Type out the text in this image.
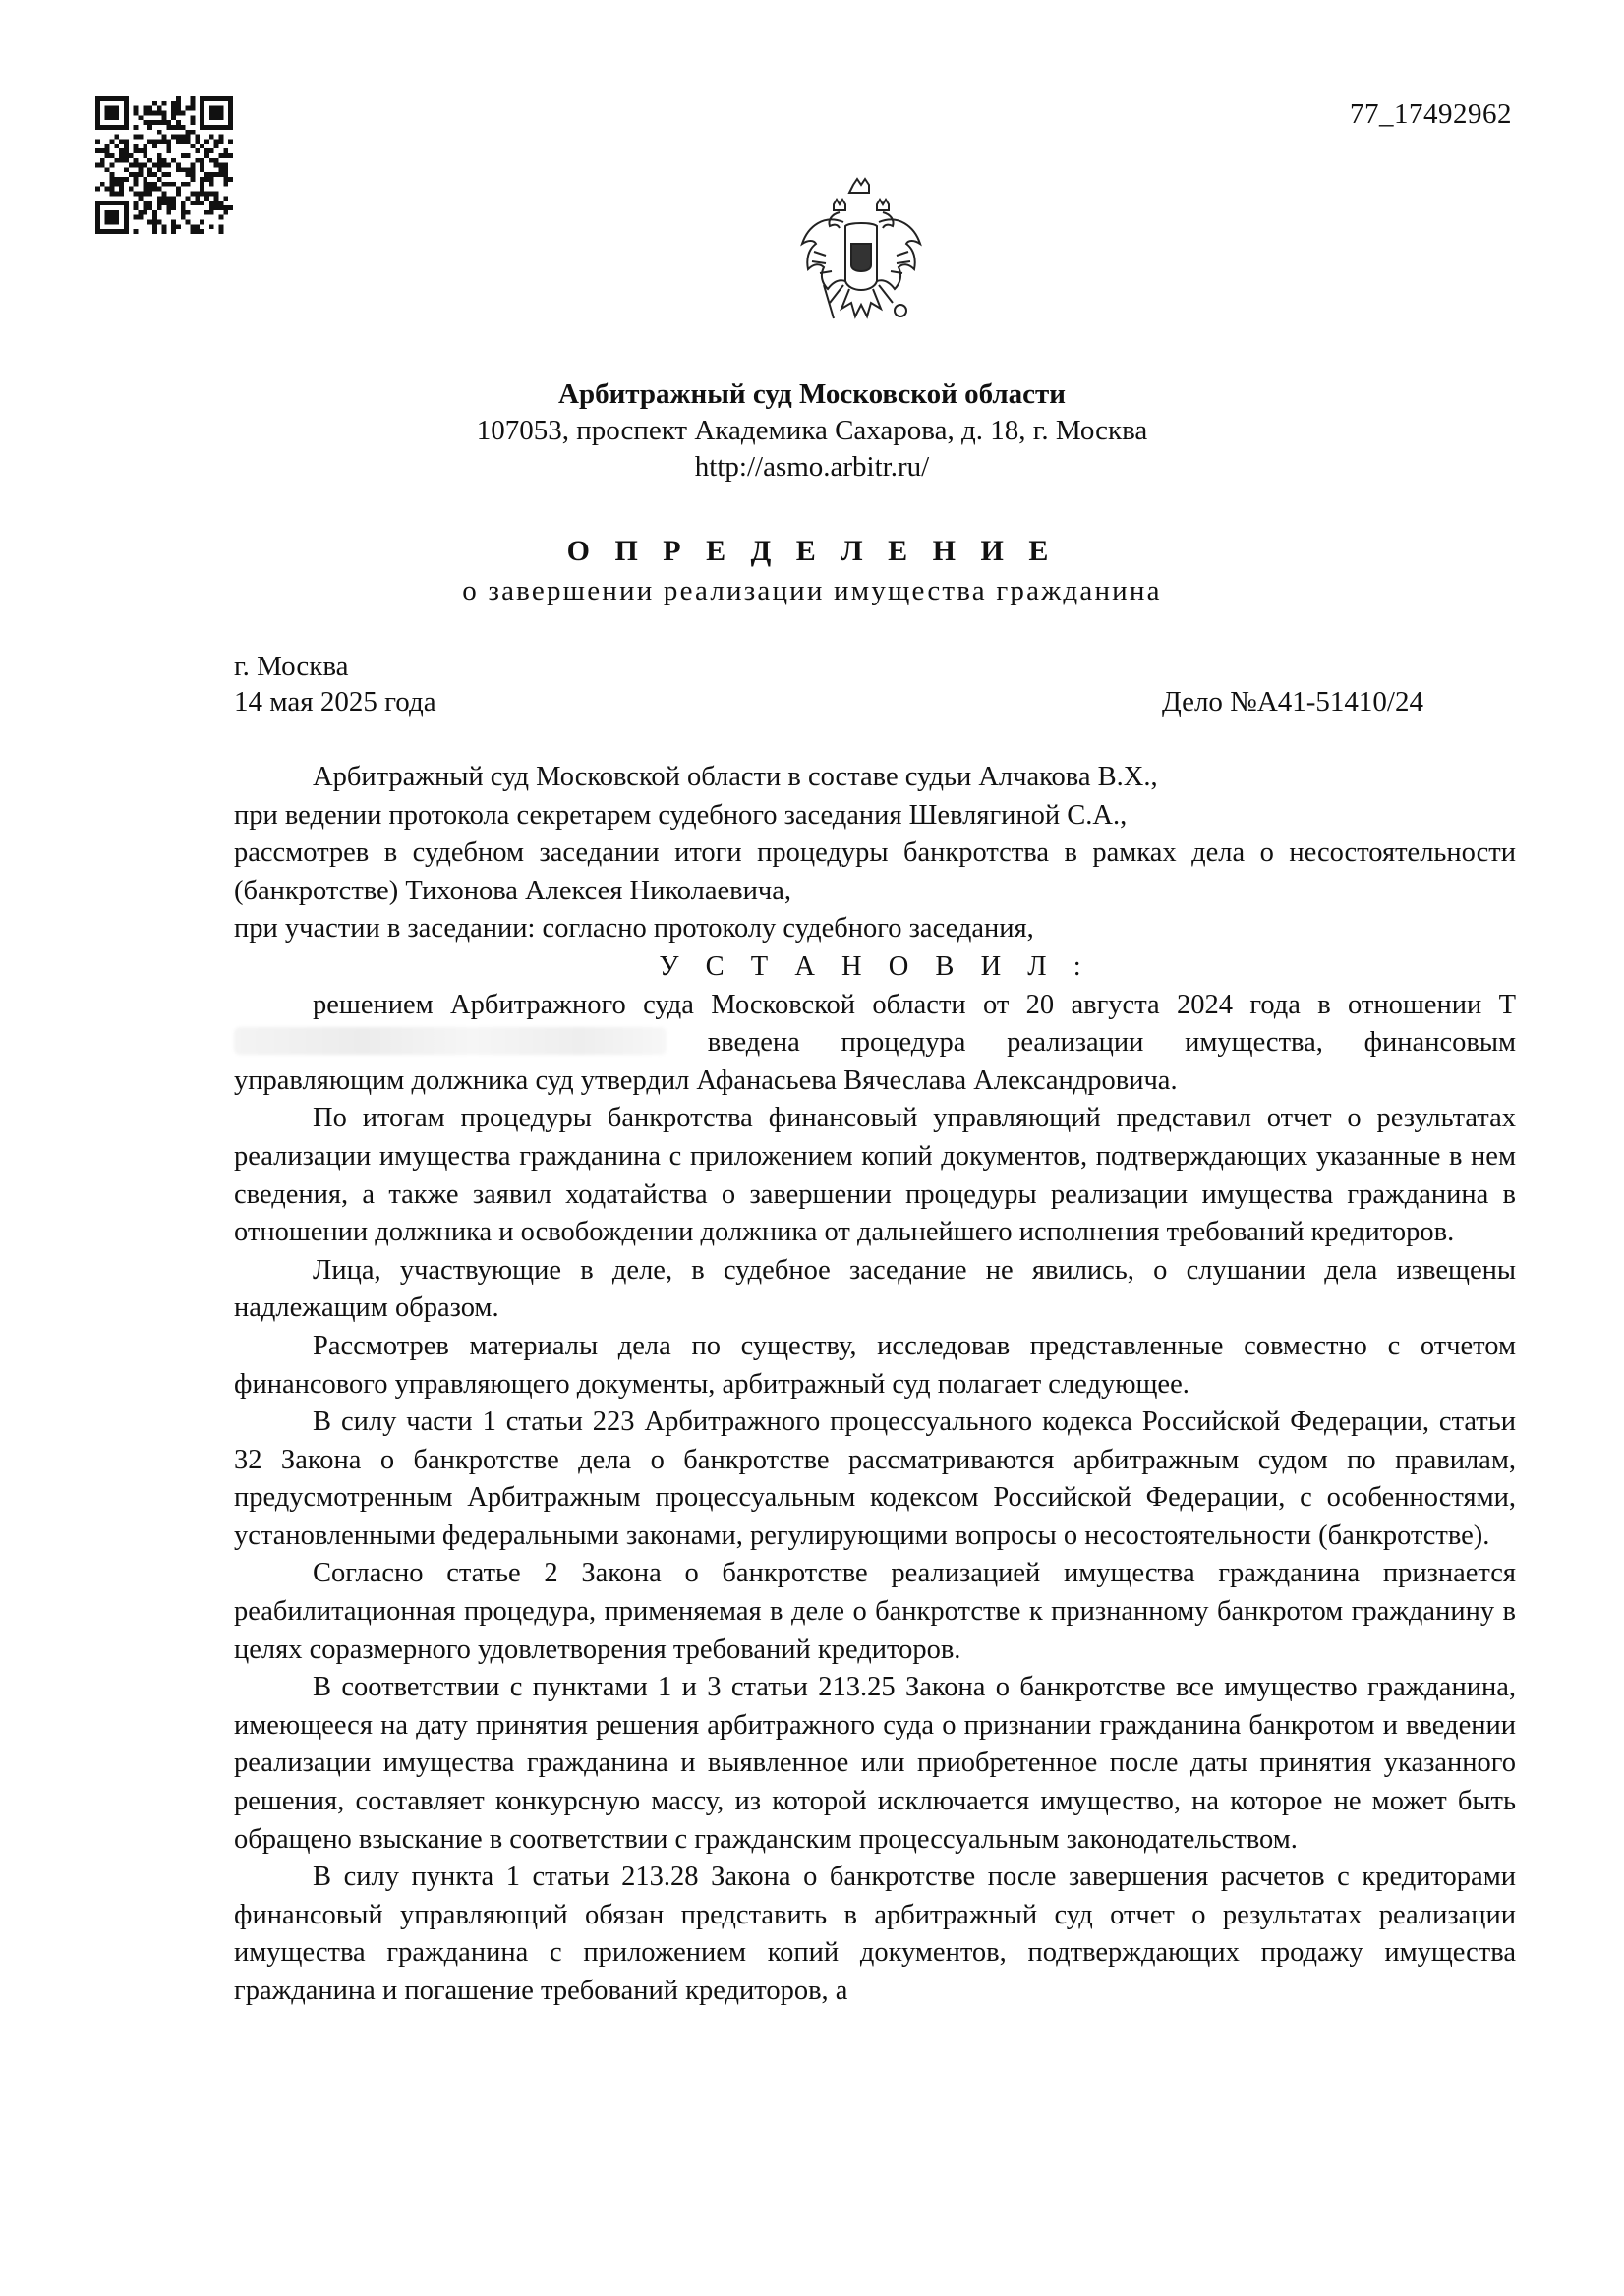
77_17492962
Арбитражный суд Московской области
107053, проспект Академика Сахарова, д. 18, г. Москва
http://asmo.arbitr.ru/
О П Р Е Д Е Л Е Н И Е
о завершении реализации имущества гражданина
г. Москва
14 мая 2025 года	Дело №А41-51410/24

Арбитражный суд Московской области в составе судьи Алчакова В.Х.,

при ведении протокола секретарем судебного заседания Шевлягиной С.А.,

рассмотрев в судебном заседании итоги процедуры банкротства в рамках дела о несостоятельности (банкротстве) Тихонова Алексея Николаевича,

при участии в заседании: согласно протоколу судебного заседания,

У С Т А Н О В И Л :

решением Арбитражного суда Московской области от 20 августа 2024 года в отношении Т введена процедура реализации имущества, финансовым управляющим должника суд утвердил Афанасьева Вячеслава Александровича.

По итогам процедуры банкротства финансовый управляющий представил отчет о результатах реализации имущества гражданина с приложением копий документов, подтверждающих указанные в нем сведения, а также заявил ходатайства о завершении процедуры реализации имущества гражданина в отношении должника и освобождении должника от дальнейшего исполнения требований кредиторов.

Лица, участвующие в деле, в судебное заседание не явились, о слушании дела извещены надлежащим образом.

Рассмотрев материалы дела по существу, исследовав представленные совместно с отчетом финансового управляющего документы, арбитражный суд полагает следующее.

В силу части 1 статьи 223 Арбитражного процессуального кодекса Российской Федерации, статьи 32 Закона о банкротстве дела о банкротстве рассматриваются арбитражным судом по правилам, предусмотренным Арбитражным процессуальным кодексом Российской Федерации, с особенностями, установленными федеральными законами, регулирующими вопросы о несостоятельности (банкротстве).

Согласно статье 2 Закона о банкротстве реализацией имущества гражданина признается реабилитационная процедура, применяемая в деле о банкротстве к признанному банкротом гражданину в целях соразмерного удовлетворения требований кредиторов.

В соответствии с пунктами 1 и 3 статьи 213.25 Закона о банкротстве все имущество гражданина, имеющееся на дату принятия решения арбитражного суда о признании гражданина банкротом и введении реализации имущества гражданина и выявленное или приобретенное после даты принятия указанного решения, составляет конкурсную массу, из которой исключается имущество, на которое не может быть обращено взыскание в соответствии с гражданским процессуальным законодательством.

В силу пункта 1 статьи 213.28 Закона о банкротстве после завершения расчетов с кредиторами финансовый управляющий обязан представить в арбитражный суд отчет о результатах реализации имущества гражданина с приложением копий документов, подтверждающих продажу имущества гражданина и погашение требований кредиторов, а
